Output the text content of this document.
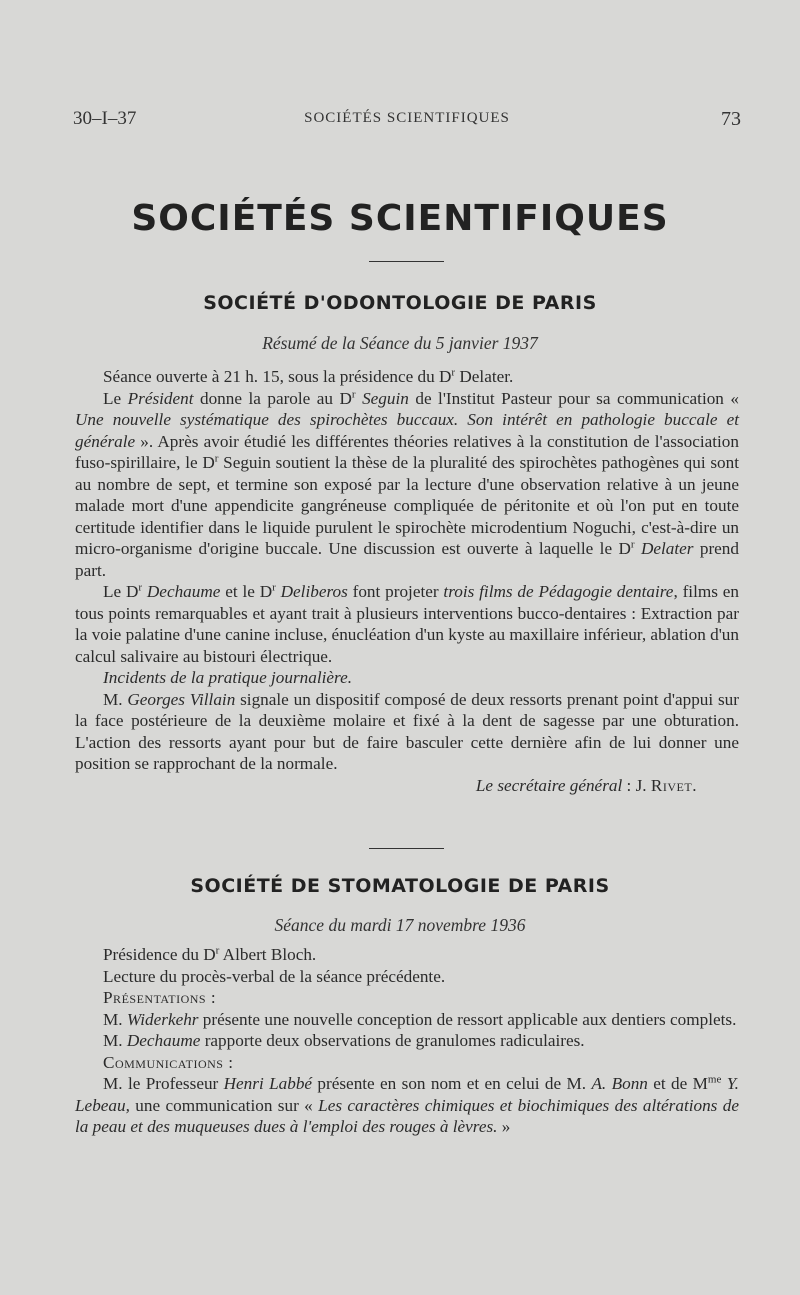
30–I–37	SOCIÉTÉS SCIENTIFIQUES	73
SOCIÉTÉS SCIENTIFIQUES
SOCIÉTÉ D'ODONTOLOGIE DE PARIS
Résumé de la Séance du 5 janvier 1937

Séance ouverte à 21 h. 15, sous la présidence du $D^r$ Delater.

Le Président donne la parole au $D^r$ Seguin de l'Institut Pasteur pour sa communication « Une nouvelle systématique des spirochètes buccaux. Son intérêt en pathologie buccale et générale ». Après avoir étudié les différentes théories relatives à la constitution de l'association fuso-spirillaire, le $D^r$ Seguin soutient la thèse de la pluralité des spirochètes pathogènes qui sont au nombre de sept, et termine son exposé par la lecture d'une observation relative à un jeune malade mort d'une appendicite gangréneuse compliquée de péritonite et où l'on put en toute certitude identifier dans le liquide purulent le spirochète microdentium Noguchi, c'est-à-dire un micro-organisme d'origine buccale. Une discussion est ouverte à laquelle le $D^r$ Delater prend part.

Le $D^r$ Dechaume et le $D^r$ Deliberos font projeter trois films de Pédagogie dentaire, films en tous points remarquables et ayant trait à plusieurs interventions bucco-dentaires : Extraction par la voie palatine d'une canine incluse, énucléation d'un kyste au maxillaire inférieur, ablation d'un calcul salivaire au bistouri électrique.

Incidents de la pratique journalière.

M. Georges Villain signale un dispositif composé de deux ressorts prenant point d'appui sur la face postérieure de la deuxième molaire et fixé à la dent de sagesse par une obturation. L'action des ressorts ayant pour but de faire basculer cette dernière afin de lui donner une position se rapprochant de la normale.

Le secrétaire général : J. Rivet.

SOCIÉTÉ DE STOMATOLOGIE DE PARIS
Séance du mardi 17 novembre 1936

Présidence du $D^r$ Albert Bloch.

Lecture du procès-verbal de la séance précédente.

Présentations :

M. Widerkehr présente une nouvelle conception de ressort applicable aux dentiers complets.

M. Dechaume rapporte deux observations de granulomes radiculaires.

Communications :

M. le Professeur Henri Labbé présente en son nom et en celui de M. A. Bonn et de $M^{me}$ Y. Lebeau, une communication sur « Les caractères chimiques et biochimiques des altérations de la peau et des muqueuses dues à l'emploi des rouges à lèvres. »
